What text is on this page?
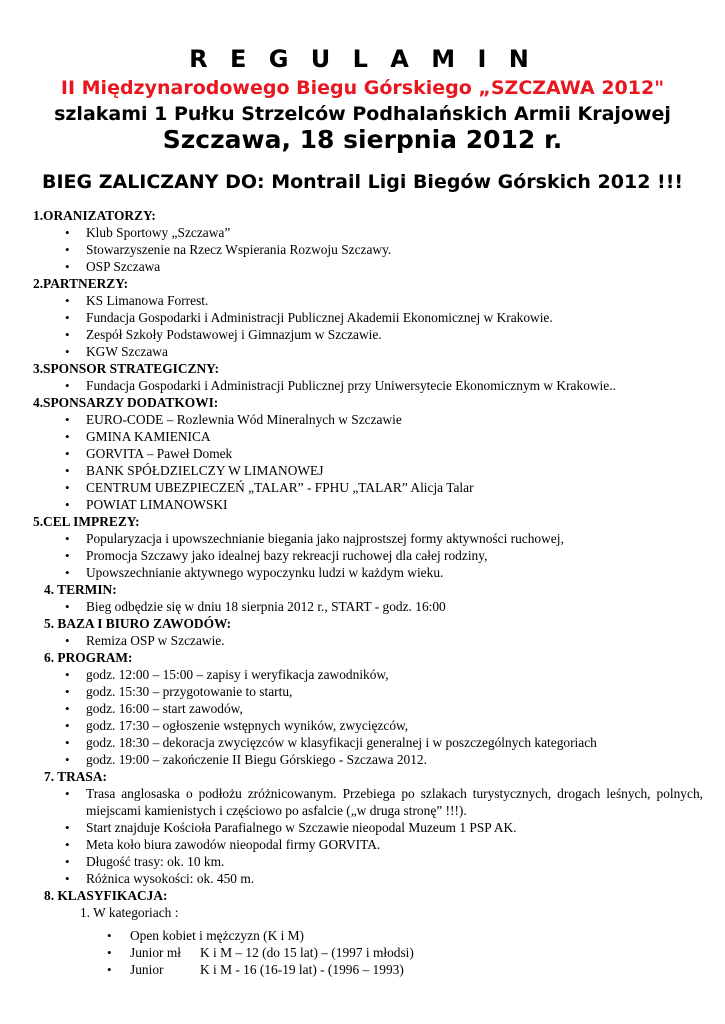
R E G U L A M I N
II Międzynarodowego Biegu Górskiego „SZCZAWA 2012"
szlakami 1 Pułku Strzelców Podhalańskich Armii Krajowej
Szczawa, 18 sierpnia 2012 r.
BIEG ZALICZANY DO: Montrail Ligi Biegów Górskich 2012 !!!
1.ORANIZATORZY:
• Klub Sportowy „Szczawa”
• Stowarzyszenie na Rzecz Wspierania Rozwoju Szczawy.
• OSP Szczawa
2.PARTNERZY:
• KS Limanowa Forrest.
• Fundacja Gospodarki i Administracji Publicznej Akademii Ekonomicznej w Krakowie.
• Zespół Szkoły Podstawowej i Gimnazjum w Szczawie.
• KGW Szczawa
3.SPONSOR STRATEGICZNY:
• Fundacja Gospodarki i Administracji Publicznej przy Uniwersytecie Ekonomicznym w Krakowie..
4.SPONSARZY DODATKOWI:
• EURO-CODE – Rozlewnia Wód Mineralnych w Szczawie
• GMINA KAMIENICA
• GORVITA – Paweł Domek
• BANK SPÓŁDZIELCZY W LIMANOWEJ
• CENTRUM UBEZPIECZEŃ „TALAR” - FPHU „TALAR” Alicja Talar
• POWIAT LIMANOWSKI
5.CEL IMPREZY:
• Popularyzacja i upowszechnianie biegania jako najprostszej formy aktywności ruchowej,
• Promocja Szczawy jako idealnej bazy rekreacji ruchowej dla całej rodziny,
• Upowszechnianie aktywnego wypoczynku ludzi w każdym wieku.
4. TERMIN:
• Bieg odbędzie się w dniu 18 sierpnia 2012 r., START - godz. 16:00
5. BAZA I BIURO ZAWODÓW:
• Remiza OSP w Szczawie.
6. PROGRAM:
• godz. 12:00 – 15:00 – zapisy i weryfikacja zawodników,
• godz. 15:30 – przygotowanie to startu,
• godz. 16:00 – start zawodów,
• godz. 17:30 – ogłoszenie wstępnych wyników, zwycięzców,
• godz. 18:30 – dekoracja zwycięzców w klasyfikacji generalnej i w poszczególnych kategoriach
• godz. 19:00 – zakończenie II Biegu Górskiego - Szczawa 2012.
7. TRASA:
• Trasa anglosaska o podłożu zróżnicowanym. Przebiega po szlakach turystycznych, drogach leśnych, polnych, miejscami kamienistych i częściowo po asfalcie („w druga stronę” !!!).
• Start znajduje Kościoła Parafialnego w Szczawie nieopodal Muzeum 1 PSP AK.
• Meta koło biura zawodów nieopodal firmy GORVITA.
• Długość trasy: ok. 10 km.
• Różnica wysokości: ok. 450 m.
8. KLASYFIKACJA:
1. W kategoriach :
• Open kobiet i mężczyzn (K i M)
• Junior mł K i M – 12 (do 15 lat) – (1997 i młodsi)
• Junior	K i M - 16 (16-19 lat) - (1996 – 1993)
